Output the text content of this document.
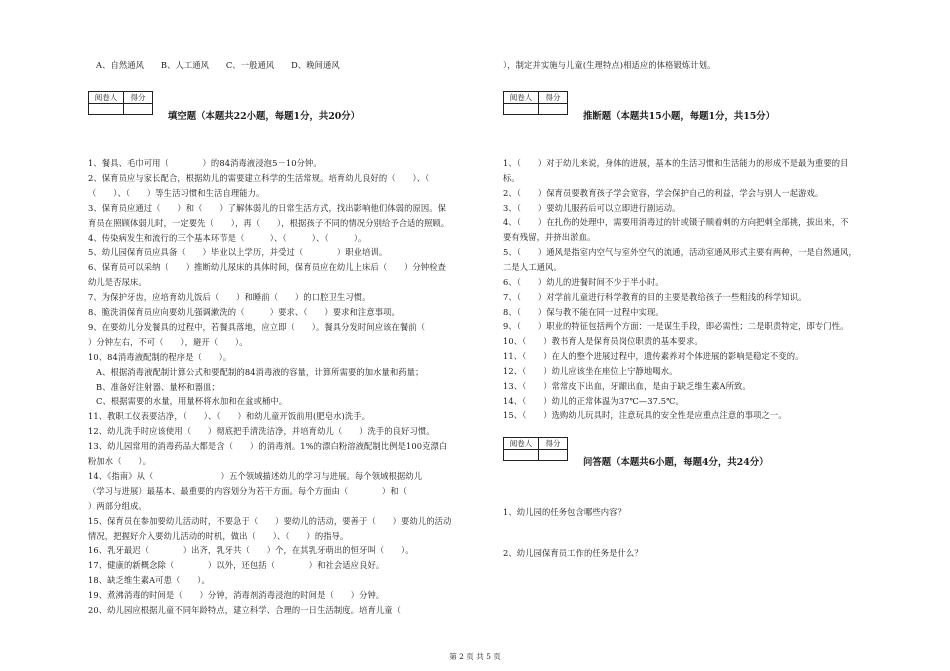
A、自然通风　　B、人工通风　　C、一般通风　　D、晚间通风
阅卷人	得分

填空题（本题共22小题，每题1分，共20分）
1、餐具、毛巾可用（　　　　）的84消毒液浸泡5－10分钟。
2、保育员应与家长配合，根据幼儿的需要建立科学的生活常规。培育幼儿良好的（　　）、（
（　　）、（　　）等生活习惯和生活自理能力。
3、保育员应通过（　　）和（　　）了解体弱儿的日常生活方式，找出影响他们体弱的原因。保
育员在照顾体弱儿时，一定要先（　　），再（　　），根据孩子不同的情况分别给予合适的照顾。
4、传染病发生和流行的三个基本环节是（　　　）、（　　　）、（　　　）。
5、幼儿园保育员应具备（　　）毕业以上学历，并受过（　　　　）职业培训。
6、保育员可以采纳（　　）推断幼儿尿床的具体时间，保育员应在幼儿上床后（　　）分钟检查
幼儿是否尿床。
7、为保护牙齿，应培育幼儿饭后（　　）和睡前（　　）的口腔卫生习惯。
8、脆洗消保育员应向要幼儿强调漱洗的（　　　）要求、（　　）要求和注意事项。
9、在要幼儿分发餐具的过程中，若餐具落地，应立即（　　）。餐具分发时间应该在餐前（
）分钟左右，不可（　　），避开（　　）。
10、84消毒液配制的程序是（　　）。
A、根据消毒液配制计算公式和要配制的84消毒液的容量，计算所需要的加水量和药量；
B、准备好注射器、量杯和器皿；
C、根据需要的水量，用量杯将水加和在盆或桶中。
11、教职工仪表要洁净，（　　）、（　　）和幼儿童开饭前用(肥皂水)洗手。
12、幼儿洗手时应该使用（　　）彻底把手清洗洁净，并培育幼儿（　　）洗手的良好习惯。
13、幼儿园常用的消毒药品大都是含（　　）的消毒剂。1%的漂白粉溶液配制比例是100克漂白
粉加水（　　）。
14、《指南》从（　　　　　　　　）五个领域描述幼儿的学习与进展。每个领域根据幼儿
（学习与进展）最基本、最重要的内容划分为若干方面。每个方面由（　　　　）和（
）两部分组成。
15、保育员在参加要幼儿活动时，不要急于（　　）要幼儿的活动，要善于（　　）要幼儿的活动
情况，把握好介入要幼儿活动的时机，做出（　　）、（　　）的指导。
16、乳牙最迟（　　　　）出齐，乳牙共（　　）个，在其乳牙萌出的恒牙叫（　　）。
17、健康的新概念除（　　　　）以外，还包括（　　　　）和社会适应良好。
18、缺乏维生素A可患（　　）。
19、煮沸消毒的时间是（　　）分钟，消毒剂消毒浸泡的时间是（　　）分钟。
20、幼儿园应根据儿童不同年龄特点，建立科学、合理的一日生活制度。培育儿童（
），制定并实施与儿童(生理特点)相适应的体格锻炼计划。
阅卷人	得分

推断题（本题共15小题，每题1分，共15分）
1、（　　）对于幼儿来说，身体的进展，基本的生活习惯和生活能力的形成不是最为重要的目
标。
2、（　　）保育员要教育孩子学会宽容，学会保护自己的利益，学会与别人一起游戏。
3、（　　）要幼儿服药后可以立即进行剧运动。
4、（　　）在扎伤的处理中，需要用消毒过的针或镊子顺着刺的方向把刺全部挑，拔出来，不
要有残留，并挤出淤血。
5、（　　）通风是指室内空气与室外空气的流通，活动室通风形式主要有两种，一是自然通风，
二是人工通风。
6、（　　）幼儿的进餐时间不少于半小时。
7、（　　）对学前儿童进行科学教育的目的主要是教给孩子一些粗浅的科学知识。
8、（　　）保与教不能在同一过程中实现。
9、（　　）职业的特征包括两个方面：一是谋生手段，即必需性；二是职责特定，即专门性。
10、（　　）教书育人是保育员岗位职责的基本要求。
11、（　　）在人的整个进展过程中，遗传素养对个体进展的影响是稳定不变的。
12、（　　）幼儿应该坐在座位上宁静地喝水。
13、（　　）常常皮下出血，牙龈出血，是由于缺乏维生素A所致。
14、（　　）幼儿的正常体温为37℃—37.5℃。
15、（　　）选购幼儿玩具时，注意玩具的安全性是应重点注意的事项之一。
阅卷人	得分

问答题（本题共6小题，每题4分，共24分）
1、幼儿园的任务包含哪些内容？
2、幼儿园保育员工作的任务是什么？
第 2 页 共 5 页
